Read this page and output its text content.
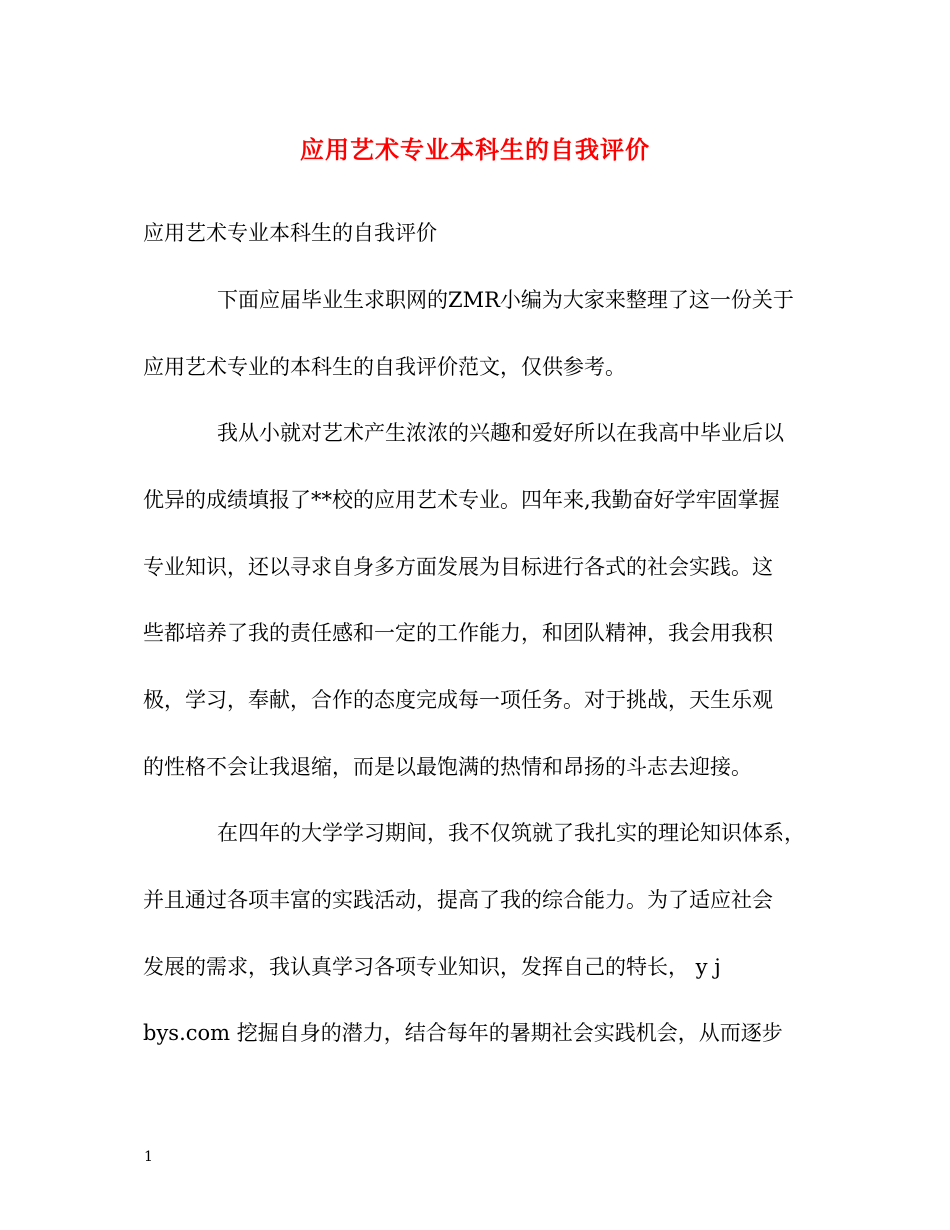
应用艺术专业本科生的自我评价

应用艺术专业本科生的自我评价

下面应届毕业生求职网的ZMR小编为大家来整理了这一份关于

应用艺术专业的本科生的自我评价范文，仅供参考。

我从小就对艺术产生浓浓的兴趣和爱好所以在我高中毕业后以

优异的成绩填报了**校的应用艺术专业。四年来,我勤奋好学牢固掌握

专业知识，还以寻求自身多方面发展为目标进行各式的社会实践。这

些都培养了我的责任感和一定的工作能力，和团队精神，我会用我积

极，学习，奉献，合作的态度完成每一项任务。对于挑战，天生乐观

的性格不会让我退缩，而是以最饱满的热情和昂扬的斗志去迎接。

在四年的大学学习期间，我不仅筑就了我扎实的理论知识体系，

并且通过各项丰富的实践活动，提高了我的综合能力。为了适应社会

发展的需求，我认真学习各项专业知识，发挥自己的特长， y j

bys.com 挖掘自身的潜力，结合每年的暑期社会实践机会，从而逐步

1
